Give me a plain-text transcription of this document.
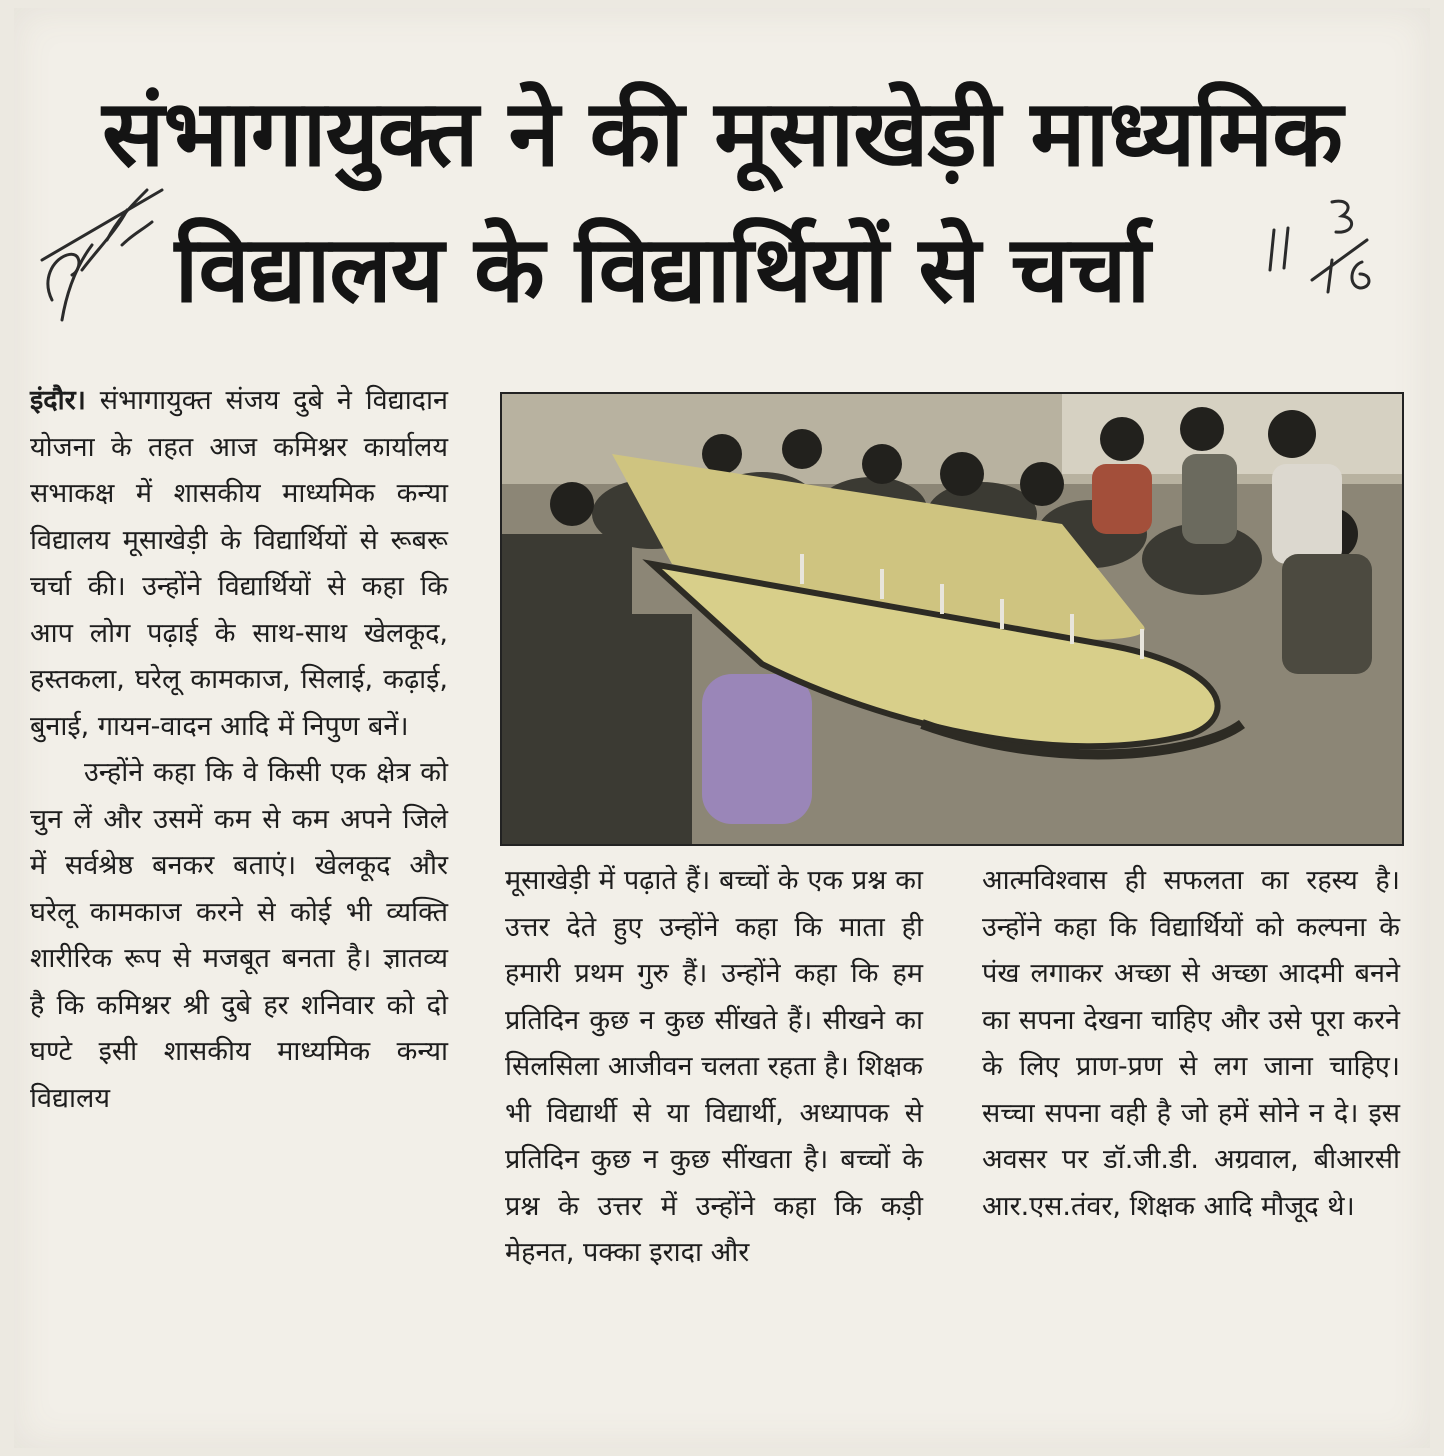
संभागायुक्त ने की मूसाखेड़ी माध्यमिक
विद्यालय के विद्यार्थियों से चर्चा

इंदौर। संभागायुक्त संजय दुबे ने विद्यादान योजना के तहत आज कमिश्नर कार्यालय सभाकक्ष में शासकीय माध्यमिक कन्या विद्यालय मूसाखेड़ी के विद्यार्थियों से रूबरू चर्चा की। उन्होंने विद्यार्थियों से कहा कि आप लोग पढ़ाई के साथ-साथ खेलकूद, हस्तकला, घरेलू कामकाज, सिलाई, कढ़ाई, बुनाई, गायन-वादन आदि में निपुण बनें।

उन्होंने कहा कि वे किसी एक क्षेत्र को चुन लें और उसमें कम से कम अपने जिले में सर्वश्रेष्ठ बनकर बताएं। खेलकूद और घरेलू कामकाज करने से कोई भी व्यक्ति शारीरिक रूप से मजबूत बनता है। ज्ञातव्य है कि कमिश्नर श्री दुबे हर शनिवार को दो घण्टे इसी शासकीय माध्यमिक कन्या विद्यालय

मूसाखेड़ी में पढ़ाते हैं। बच्चों के एक प्रश्न का उत्तर देते हुए उन्होंने कहा कि माता ही हमारी प्रथम गुरु हैं। उन्होंने कहा कि हम प्रतिदिन कुछ न कुछ सींखते हैं। सीखने का सिलसिला आजीवन चलता रहता है। शिक्षक भी विद्यार्थी से या विद्यार्थी, अध्यापक से प्रतिदिन कुछ न कुछ सींखता है। बच्चों के प्रश्न के उत्तर में उन्होंने कहा कि कड़ी मेहनत, पक्का इरादा और

आत्मविश्वास ही सफलता का रहस्य है। उन्होंने कहा कि विद्यार्थियों को कल्पना के पंख लगाकर अच्छा से अच्छा आदमी बनने का सपना देखना चाहिए और उसे पूरा करने के लिए प्राण-प्रण से लग जाना चाहिए। सच्चा सपना वही है जो हमें सोने न दे। इस अवसर पर डॉ.जी.डी. अग्रवाल, बीआरसी आर.एस.तंवर, शिक्षक आदि मौजूद थे।
